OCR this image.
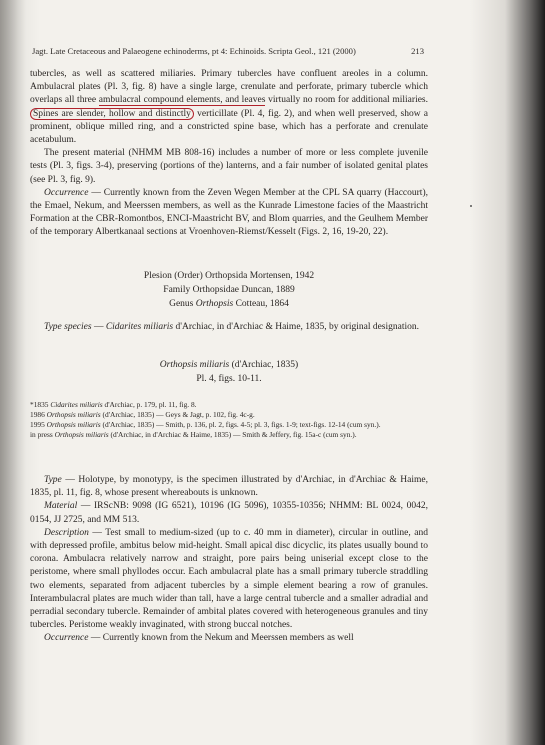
Jagt. Late Cretaceous and Palaeogene echinoderms, pt 4: Echinoids. Scripta Geol., 121 (2000)	213

tubercles, as well as scattered miliaries. Primary tubercles have confluent areoles in a column. Ambulacral plates (Pl. 3, fig. 8) have a single large, crenulate and perforate, primary tubercle which overlaps all three ambulacral compound elements, and leaves virtually no room for additional miliaries. Spines are slender, hollow and distinctly verticillate (Pl. 4, fig. 2), and when well preserved, show a prominent, oblique milled ring, and a constricted spine base, which has a perforate and crenulate acetabulum.

The present material (NHMM MB 808-16) includes a number of more or less complete juvenile tests (Pl. 3, figs. 3-4), preserving (portions of the) lanterns, and a fair number of isolated genital plates (see Pl. 3, fig. 9).

Occurrence — Currently known from the Zeven Wegen Member at the CPL SA quarry (Haccourt), the Emael, Nekum, and Meerssen members, as well as the Kunrade Limestone facies of the Maastricht Formation at the CBR-Romontbos, ENCI-Maastricht BV, and Blom quarries, and the Geulhem Member of the temporary Albertkanaal sections at Vroenhoven-Riemst/Kesselt (Figs. 2, 16, 19-20, 22).

Plesion (Order) Orthopsida Mortensen, 1942
Family Orthopsidae Duncan, 1889
Genus Orthopsis Cotteau, 1864

Type species — Cidarites miliaris d'Archiac, in d'Archiac & Haime, 1835, by original designation.

Orthopsis miliaris (d'Archiac, 1835)
Pl. 4, figs. 10-11.
*1835 Cidarites miliaris d'Archiac, p. 179, pl. 11, fig. 8.
1986 Orthopsis miliaris (d'Archiac, 1835) — Geys & Jagt, p. 102, fig. 4c-g.
1995 Orthopsis miliaris (d'Archiac, 1835) — Smith, p. 136, pl. 2, figs. 4-5; pl. 3, figs. 1-9; text-figs. 12-14 (cum syn.).
in press Orthopsis miliaris (d'Archiac, in d'Archiac & Haime, 1835) — Smith & Jeffery, fig. 15a-c (cum syn.).

Type — Holotype, by monotypy, is the specimen illustrated by d'Archiac, in d'Archiac & Haime, 1835, pl. 11, fig. 8, whose present whereabouts is unknown.

Material — IRScNB: 9098 (IG 6521), 10196 (IG 5096), 10355-10356; NHMM: BL 0024, 0042, 0154, JJ 2725, and MM 513.

Description — Test small to medium-sized (up to c. 40 mm in diameter), circular in outline, and with depressed profile, ambitus below mid-height. Small apical disc dicyclic, its plates usually bound to corona. Ambulacra relatively narrow and straight, pore pairs being uniserial except close to the peristome, where small phyllodes occur. Each ambulacral plate has a small primary tubercle straddling two elements, separated from adjacent tubercles by a simple element bearing a row of granules. Interambulacral plates are much wider than tall, have a large central tubercle and a smaller adradial and perradial secondary tubercle. Remainder of ambital plates covered with heterogeneous granules and tiny tubercles. Peristome weakly invaginated, with strong buccal notches.

Occurrence — Currently known from the Nekum and Meerssen members as well
